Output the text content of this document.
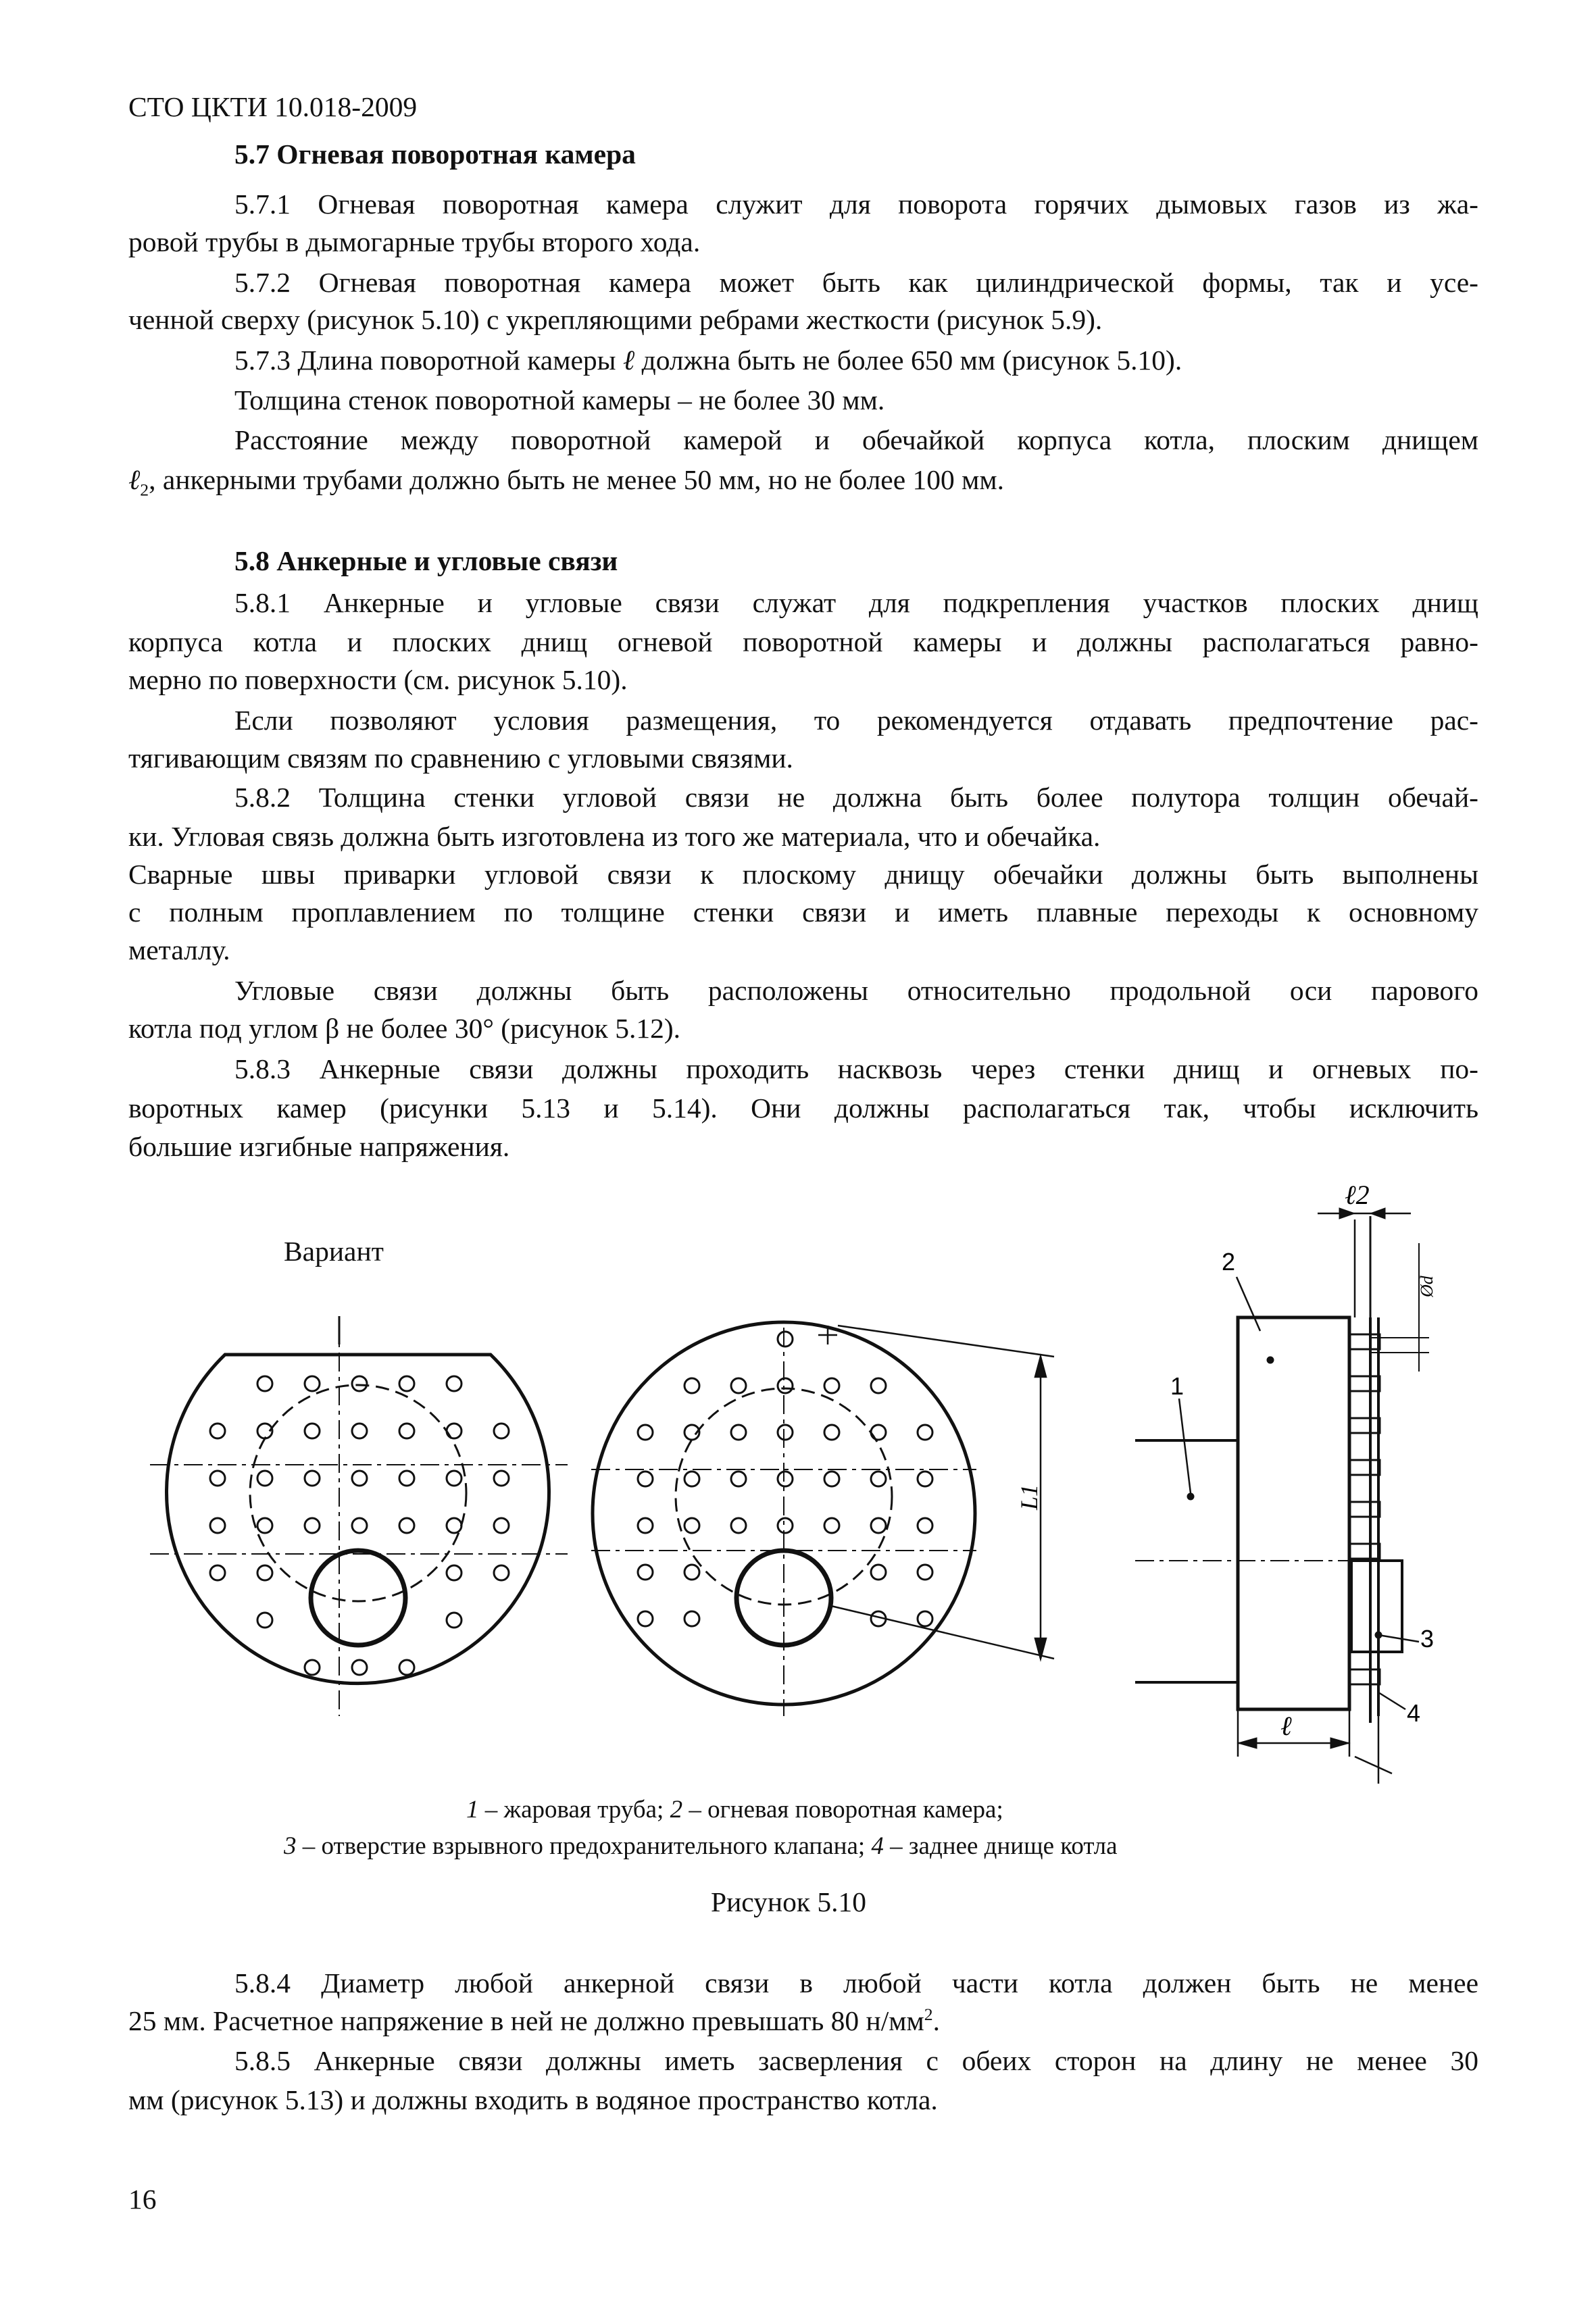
СТО ЦКТИ 10.018-2009
5.7 Огневая поворотная камера
5.7.1 Огневая поворотная камера служит для поворота горячих дымовых газов из жа-
ровой трубы в дымогарные трубы второго хода.
5.7.2 Огневая поворотная камера может быть как цилиндрической формы, так и усе-
ченной сверху (рисунок 5.10) с укрепляющими ребрами жесткости (рисунок 5.9).
5.7.3 Длина поворотной камеры ℓ должна быть не более 650 мм (рисунок 5.10).
Толщина стенок поворотной камеры – не более 30 мм.
Расстояние между поворотной камерой и обечайкой корпуса котла, плоским днищем
ℓ$_2$, анкерными трубами должно быть не менее 50 мм, но не более 100 мм.
5.8 Анкерные и угловые связи
5.8.1 Анкерные и угловые связи служат для подкрепления участков плоских днищ
корпуса котла и плоских днищ огневой поворотной камеры и должны располагаться равно-
мерно по поверхности (см. рисунок 5.10).
Если позволяют условия размещения, то рекомендуется отдавать предпочтение рас-
тягивающим связям по сравнению с угловыми связями.
5.8.2 Толщина стенки угловой связи не должна быть более полутора толщин обечай-
ки. Угловая связь должна быть изготовлена из того же материала, что и обечайка.
Сварные швы приварки угловой связи к плоскому днищу обечайки должны быть выполнены
с полным проплавлением по толщине стенки связи и иметь плавные переходы к основному
металлу.
Угловые связи должны быть расположены относительно продольной оси парового
котла под углом β не более 30° (рисунок 5.12).
5.8.3 Анкерные связи должны проходить насквозь через стенки днищ и огневых по-
воротных камер (рисунки 5.13 и 5.14). Они должны располагаться так, чтобы исключить
большие изгибные напряжения.
Вариант
L1
ℓ
ℓ2
Ød
1
2
3
4
1 – жаровая труба; 2 – огневая поворотная камера;
3 – отверстие взрывного предохранительного клапана; 4 – заднее днище котла
Рисунок 5.10
5.8.4 Диаметр любой анкерной связи в любой части котла должен быть не менее
25 мм. Расчетное напряжение в ней не должно превышать 80 $н/мм^2$.
5.8.5 Анкерные связи должны иметь засверления с обеих сторон на длину не менее 30
мм (рисунок 5.13) и должны входить в водяное пространство котла.
16
